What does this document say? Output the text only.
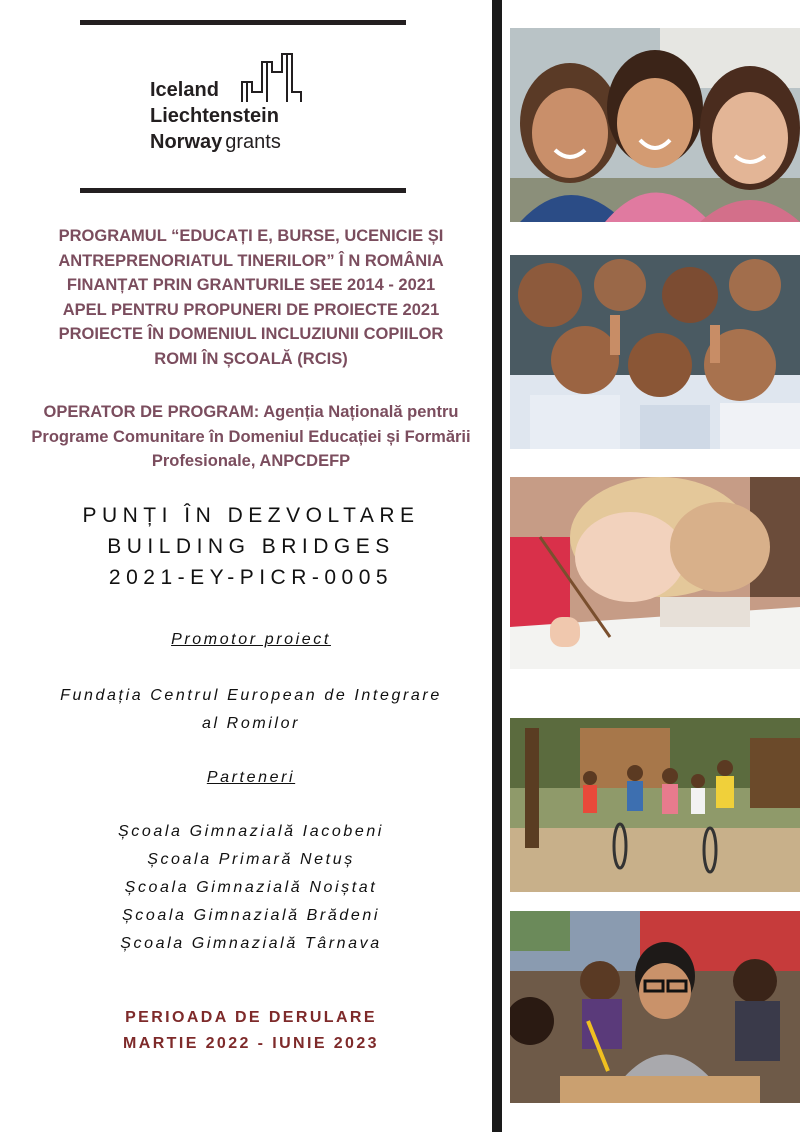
Iceland
Liechtenstein
Norway grants
PROGRAMUL “EDUCAȚI E, BURSE, UCENICIE ȘI
ANTREPRENORIATUL TINERILOR” Î N ROMÂNIA
FINANȚAT PRIN GRANTURILE SEE 2014 - 2021
APEL PENTRU PROPUNERI DE PROIECTE 2021
PROIECTE ÎN DOMENIUL INCLUZIUNII COPIILOR
ROMI ÎN ȘCOALĂ (RCIS)
OPERATOR DE PROGRAM: Agenția Națională pentru
Programe Comunitare în Domeniul Educației și Formării
Profesionale, ANPCDEFP
PUNȚI ÎN DEZVOLTARE
BUILDING BRIDGES
2021-EY-PICR-0005
Promotor proiect
Fundația Centrul European de Integrare
al Romilor
Parteneri
Școala Gimnazială Iacobeni
Școala Primară Netuș
Școala Gimnazială Noiștat
Școala Gimnazială Brădeni
Școala Gimnazială Târnava
PERIOADA DE DERULARE
MARTIE 2022 - IUNIE 2023
